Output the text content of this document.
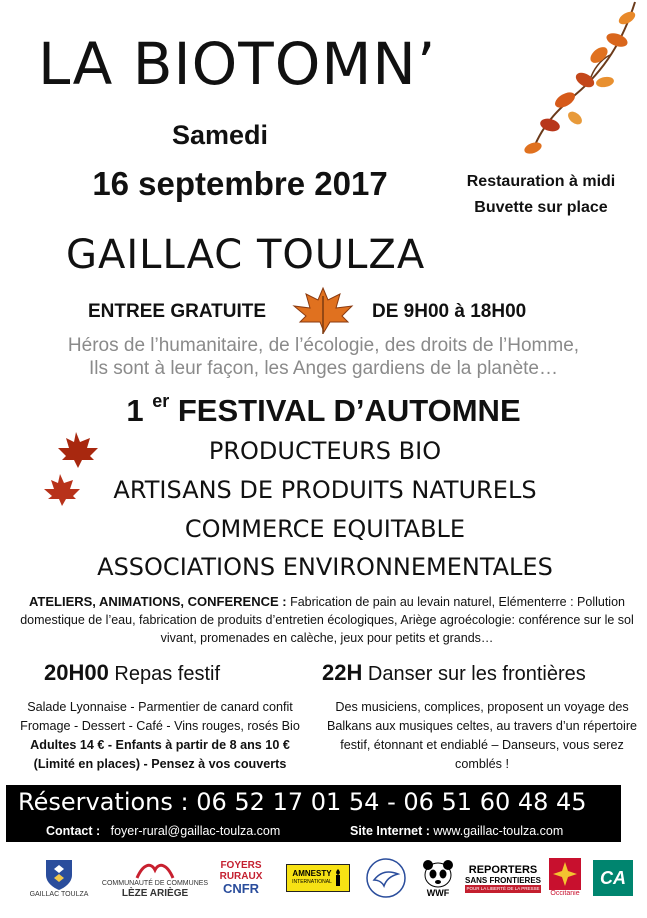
LA BIOTOMN’
Samedi
16 septembre 2017	Restauration à midi
Buvette sur place
GAILLAC TOULZA
ENTREE GRATUITE	DE 9H00 à 18H00
Héros de l’humanitaire, de l’écologie, des droits de l’Homme,
Ils sont à leur façon, les Anges gardiens de la planète…
1 $^{er}$ FESTIVAL D’AUTOMNE
PRODUCTEURS BIO
ARTISANS DE PRODUITS NATURELS
COMMERCE EQUITABLE
ASSOCIATIONS ENVIRONNEMENTALES
ATELIERS, ANIMATIONS, CONFERENCE : Fabrication de pain au levain naturel, Elémenterre : Pollution domestique de l’eau, fabrication de produits d’entretien écologiques, Ariège agroécologie: conférence sur le sol vivant, promenades en calèche, jeux pour petits et grands…
20H00 Repas festif	22H Danser sur les frontières
Salade Lyonnaise - Parmentier de canard confit
Fromage - Dessert - Café - Vins rouges, rosés Bio
Adultes 14 € - Enfants à partir de 8 ans 10 €
(Limité en places) - Pensez à vos couverts
Des musiciens, complices, proposent un voyage des Balkans aux musiques celtes, au travers d’un répertoire festif, étonnant et endiablé – Danseurs, vous serez comblés !
Réservations : 06 52 17 01 54 - 06 51 60 48 45
Contact : foyer-rural@gaillac-toulza.com	Site Internet : www.gaillac-toulza.com
GAILLAC TOULZA
COMMUNAUTÉ DE COMMUNES
LÈZE ARIÈGE
FOYERS
RURAUX
CNFR
AMNESTY
INTERNATIONAL
WWF
REPORTERS
SANS FRONTIERES
POUR LA LIBERTÉ DE LA PRESSE
Occitanie
CA
